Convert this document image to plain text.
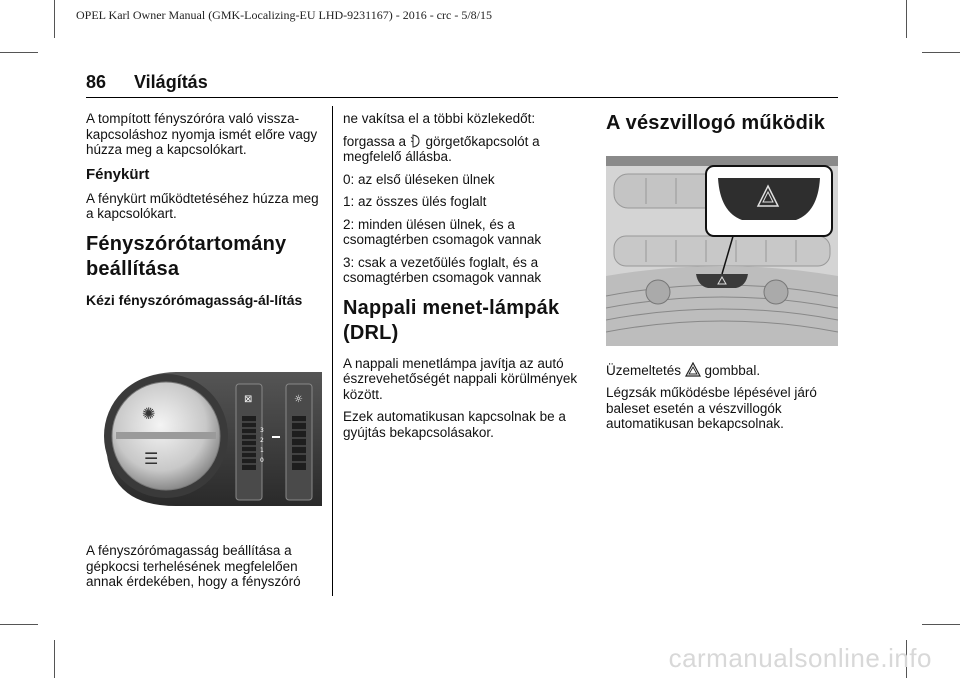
OPEL Karl Owner Manual (GMK-Localizing-EU LHD-9231167) - 2016 - crc - 5/8/15
86 Világítás

A tompított fényszóróra való vissza-kapcsoláshoz nyomja ismét előre vagy húzza meg a kapcsolókart.

Fénykürt

A fénykürt működtetéséhez húzza meg a kapcsolókart.

Fényszórótartomány beállítása
Kézi fényszórómagasság-ál-lítás
≡☼ ☼☼
✺
☰	0
1
2
3
⊠	☼

A fényszórómagasság beállítása a gépkocsi terhelésének megfelelően annak érdekében, hogy a fényszóró

ne vakítsa el a többi közlekedőt:

forgassa a  görgetőkapcsolót a megfelelő állásba.

0: az első üléseken ülnek

1: az összes ülés foglalt

2: minden ülésen ülnek, és a csomagtérben csomagok vannak

3: csak a vezetőülés foglalt, és a csomagtérben csomagok vannak

Nappali menet-lámpák (DRL)

A nappali menetlámpa javítja az autó észrevehetőségét nappali körülmények között.

Ezek automatikusan kapcsolnak be a gyújtás bekapcsolásakor.

A vészvillogó működik

Üzemeltetés  gombbal.

Légzsák működésbe lépésével járó baleset esetén a vészvillogók automatikusan bekapcsolnak.

carmanualsonline.info
